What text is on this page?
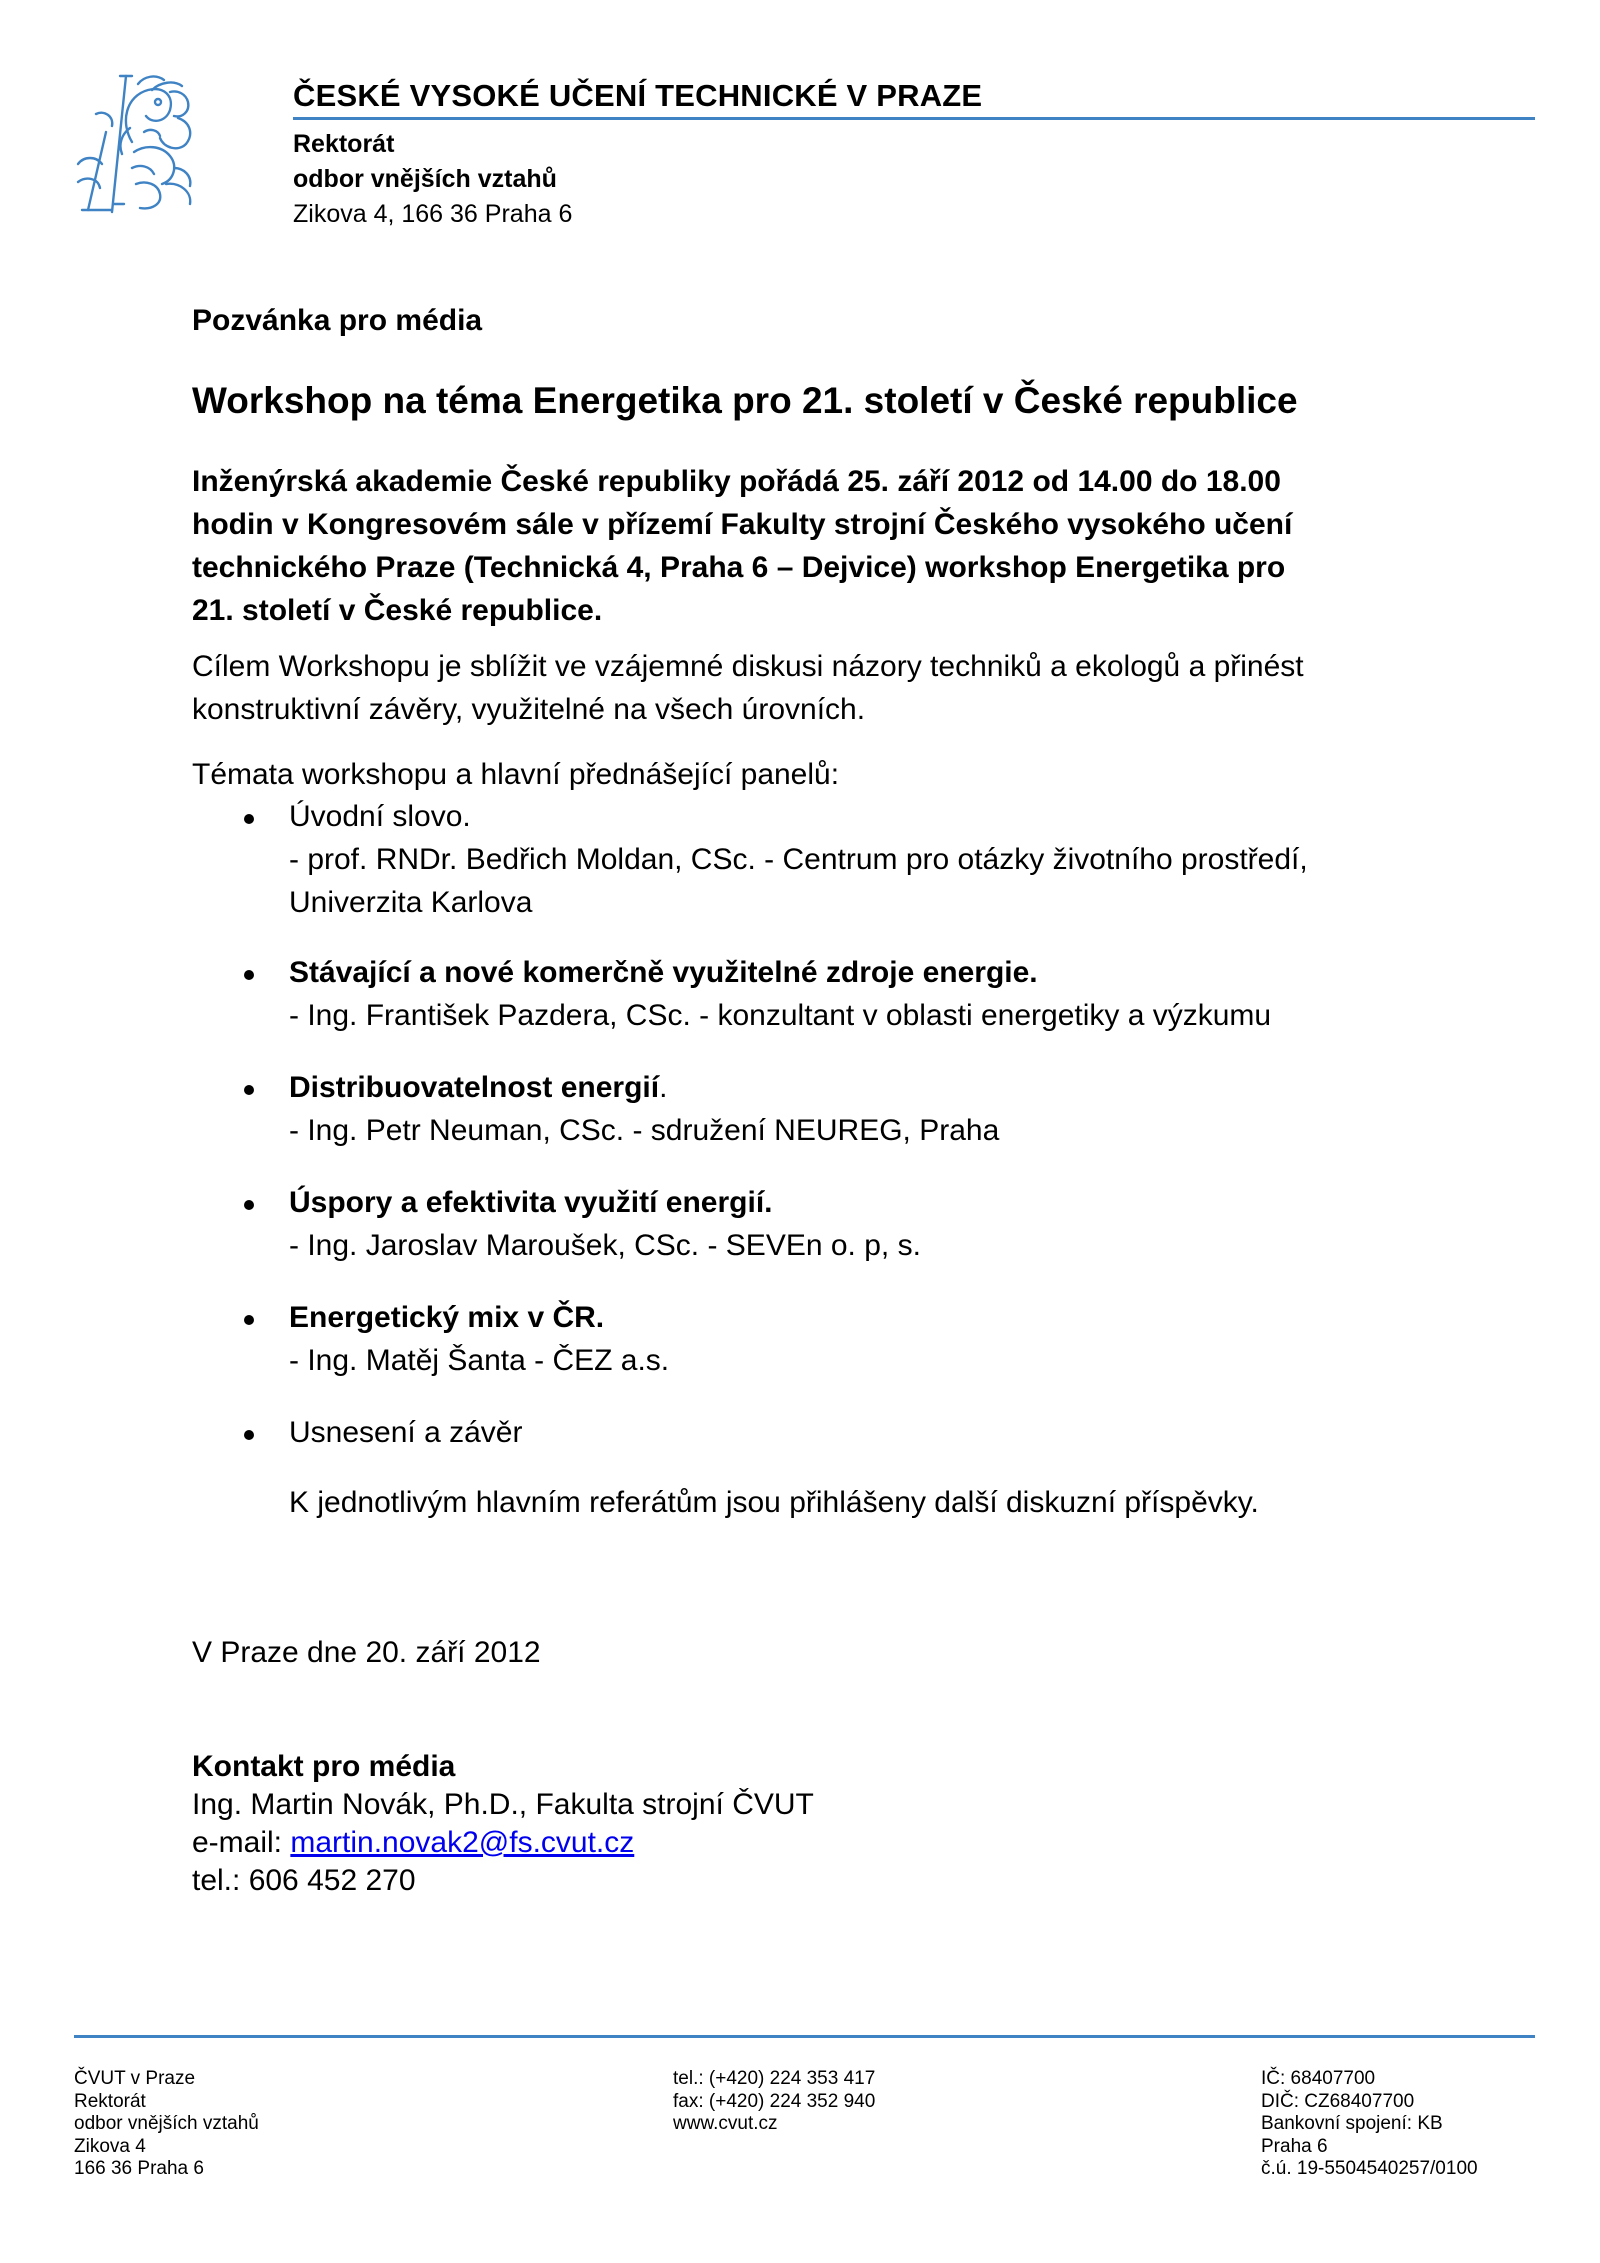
ČESKÉ VYSOKÉ UČENÍ TECHNICKÉ V PRAZE
Rektorát
odbor vnějších vztahů
Zikova 4, 166 36 Praha 6
Pozvánka pro média
Workshop na téma Energetika pro 21. století v České republice
Inženýrská akademie České republiky pořádá 25. září 2012 od 14.00 do 18.00
hodin v Kongresovém sále v přízemí Fakulty strojní Českého vysokého učení
technického Praze (Technická 4, Praha 6 – Dejvice) workshop Energetika pro
21. století v České republice.
Cílem Workshopu je sblížit ve vzájemné diskusi názory techniků a ekologů a přinést
konstruktivní závěry, využitelné na všech úrovních.
Témata workshopu a hlavní přednášející panelů:
Úvodní slovo.
- prof. RNDr. Bedřich Moldan, CSc. - Centrum pro otázky životního prostředí,
Univerzita Karlova
Stávající a nové komerčně využitelné zdroje energie.
- Ing. František Pazdera, CSc. - konzultant v oblasti energetiky a výzkumu
Distribuovatelnost energií.
- Ing. Petr Neuman, CSc. - sdružení NEUREG, Praha
Úspory a efektivita využití energií.
- Ing. Jaroslav Maroušek, CSc. - SEVEn o. p, s.
Energetický mix v ČR.
- Ing. Matěj Šanta - ČEZ a.s.
Usnesení a závěr
K jednotlivým hlavním referátům jsou přihlášeny další diskuzní příspěvky.
V Praze dne 20. září 2012
Kontakt pro média
Ing. Martin Novák, Ph.D., Fakulta strojní ČVUT
e-mail: martin.novak2@fs.cvut.cz
tel.: 606 452 270
ČVUT v Praze
Rektorát
odbor vnějších vztahů
Zikova 4
166 36 Praha 6
tel.: (+420) 224 353 417
fax: (+420) 224 352 940
www.cvut.cz
IČ: 68407700
DIČ: CZ68407700
Bankovní spojení: KB
Praha 6
č.ú. 19-5504540257/0100
